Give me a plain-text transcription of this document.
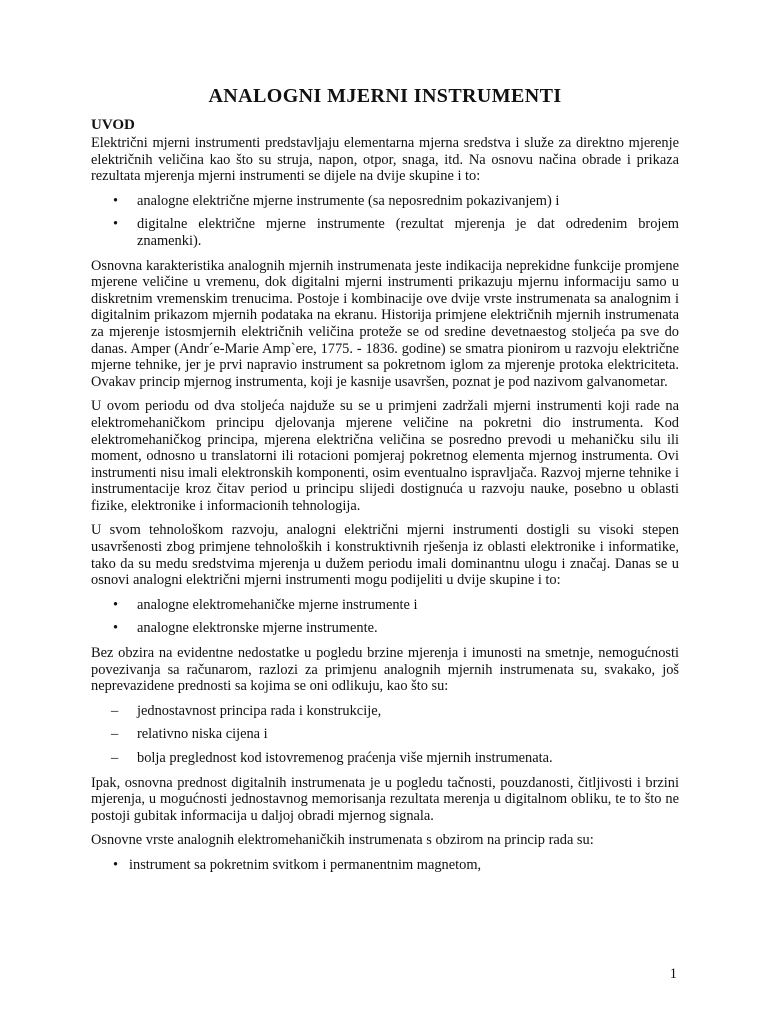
ANALOGNI MJERNI INSTRUMENTI
UVOD

Električni mjerni instrumenti predstavljaju elementarna mjerna sredstva i služe za direktno mjerenje električnih veličina kao što su struja, napon, otpor, snaga, itd. Na osnovu načina obrade i prikaza rezultata mjerenja mjerni instrumenti se dijele na dvije skupine i to:

• analogne električne mjerne instrumente (sa neposrednim pokazivanjem) i
• digitalne električne mjerne instrumente (rezultat mjerenja je dat odredenim brojem znamenki).

Osnovna karakteristika analognih mjernih instrumenata jeste indikacija neprekidne funkcije promjene mjerene veličine u vremenu, dok digitalni mjerni instrumenti prikazuju mjernu informaciju samo u diskretnim vremenskim trenucima. Postoje i kombinacije ove dvije vrste instrumenata sa analognim i digitalnim prikazom mjernih podataka na ekranu. Historija primjene električnih mjernih instrumenata za mjerenje istosmjernih električnih veličina proteže se od sredine devetnaestog stoljeća pa sve do danas. Amper (Andr´e-Marie Amp`ere, 1775. - 1836. godine) se smatra pionirom u razvoju električne mjerne tehnike, jer je prvi napravio instrument sa pokretnom iglom za mjerenje protoka elektriciteta. Ovakav princip mjernog instrumenta, koji je kasnije usavršen, poznat je pod nazivom galvanometar.

U ovom periodu od dva stoljeća najduže su se u primjeni zadržali mjerni instrumenti koji rade na elektromehaničkom principu djelovanja mjerene veličine na pokretni dio instrumenta. Kod elektromehaničkog principa, mjerena električna veličina se posredno prevodi u mehaničku silu ili moment, odnosno u translatorni ili rotacioni pomjeraj pokretnog elementa mjernog instrumenta. Ovi instrumenti nisu imali elektronskih komponenti, osim eventualno ispravljača. Razvoj mjerne tehnike i instrumentacije kroz čitav period u principu slijedi dostignuća u razvoju nauke, posebno u oblasti fizike, elektronike i informacionih tehnologija.

U svom tehnološkom razvoju, analogni električni mjerni instrumenti dostigli su visoki stepen usavršenosti zbog primjene tehnoloških i konstruktivnih rješenja iz oblasti elektronike i informatike, tako da su medu sredstvima mjerenja u dužem periodu imali dominantnu ulogu i značaj. Danas se u osnovi analogni električni mjerni instrumenti mogu podijeliti u dvije skupine i to:

• analogne elektromehaničke mjerne instrumente i
• analogne elektronske mjerne instrumente.

Bez obzira na evidentne nedostatke u pogledu brzine mjerenja i imunosti na smetnje, nemogućnosti povezivanja sa računarom, razlozi za primjenu analognih mjernih instrumenata su, svakako, još neprevazidene prednosti sa kojima se oni odlikuju, kao što su:

– jednostavnost principa rada i konstrukcije,
– relativno niska cijena i
– bolja preglednost kod istovremenog praćenja više mjernih instrumenata.

Ipak, osnovna prednost digitalnih instrumenata je u pogledu tačnosti, pouzdanosti, čitljivosti i brzini mjerenja, u mogućnosti jednostavnog memorisanja rezultata merenja u digitalnom obliku, te to što ne postoji gubitak informacija u daljoj obradi mjernog signala.

Osnovne vrste analognih elektromehaničkih instrumenata s obzirom na princip rada su:

• instrument sa pokretnim svitkom i permanentnim magnetom,
1
